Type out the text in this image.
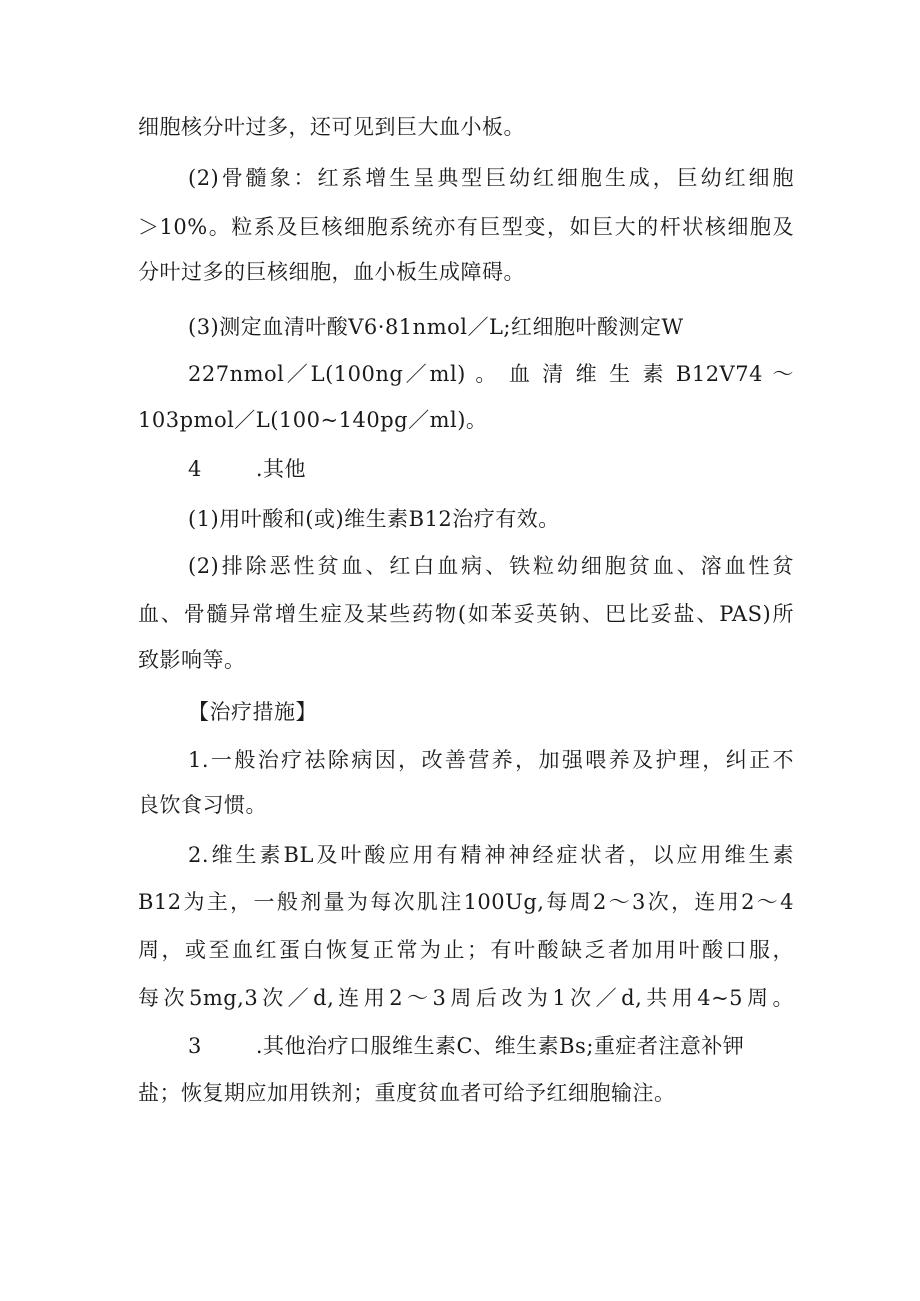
细胞核分叶过多，还可见到巨大血小板。
(2)骨髓象：红系增生呈典型巨幼红细胞生成，巨幼红细胞
＞10%。粒系及巨核细胞系统亦有巨型变，如巨大的杆状核细胞及
分叶过多的巨核细胞，血小板生成障碍。
(3)测定血清叶酸V6·81nmol／L;红细胞叶酸测定W
227nmol／L(100ng／ml) 。 血 清 维 生 素 B12V74 ～
103pmol／L(100~140pg／ml)。
4	.其他
(1)用叶酸和(或)维生素B12治疗有效。
(2)排除恶性贫血、红白血病、铁粒幼细胞贫血、溶血性贫
血、骨髓异常增生症及某些药物(如苯妥英钠、巴比妥盐、PAS)所
致影响等。
【治疗措施】
1.一般治疗祛除病因，改善营养，加强喂养及护理，纠正不
良饮食习惯。
2.维生素BL及叶酸应用有精神神经症状者，以应用维生素
B12为主，一般剂量为每次肌注100Ug,每周2～3次，连用2～4
周，或至血红蛋白恢复正常为止；有叶酸缺乏者加用叶酸口服，
每次5mg,3次／d,连用2～3周后改为1次／d,共用4~5周。
3	.其他治疗口服维生素C、维生素Bs;重症者注意补钾
盐；恢复期应加用铁剂；重度贫血者可给予红细胞输注。
